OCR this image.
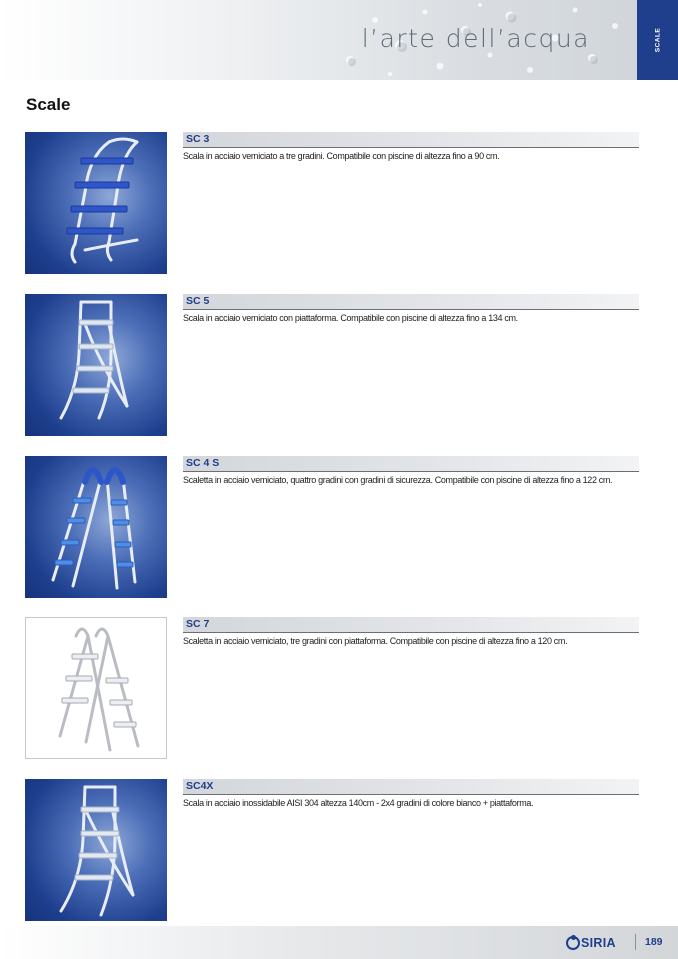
l’arte dell’acqua	SCALE
Scale
SC 3
Scala in acciaio verniciato a tre gradini. Compatibile con piscine di altezza fino a 90 cm.
SC 5
Scala in acciaio verniciato con piattaforma. Compatibile con piscine di altezza fino a 134 cm.
SC 4 S
Scaletta in acciaio verniciato, quattro gradini con gradini di sicurezza. Compatibile con piscine di altezza fino a 122 cm.
SC 7
Scaletta in acciaio verniciato, tre gradini con piattaforma. Compatibile con piscine di altezza fino a 120 cm.
SC4X
Scala in acciaio inossidabile AISI 304 altezza 140cm - 2x4 gradini di colore bianco + piattaforma.
SIRIA	189
